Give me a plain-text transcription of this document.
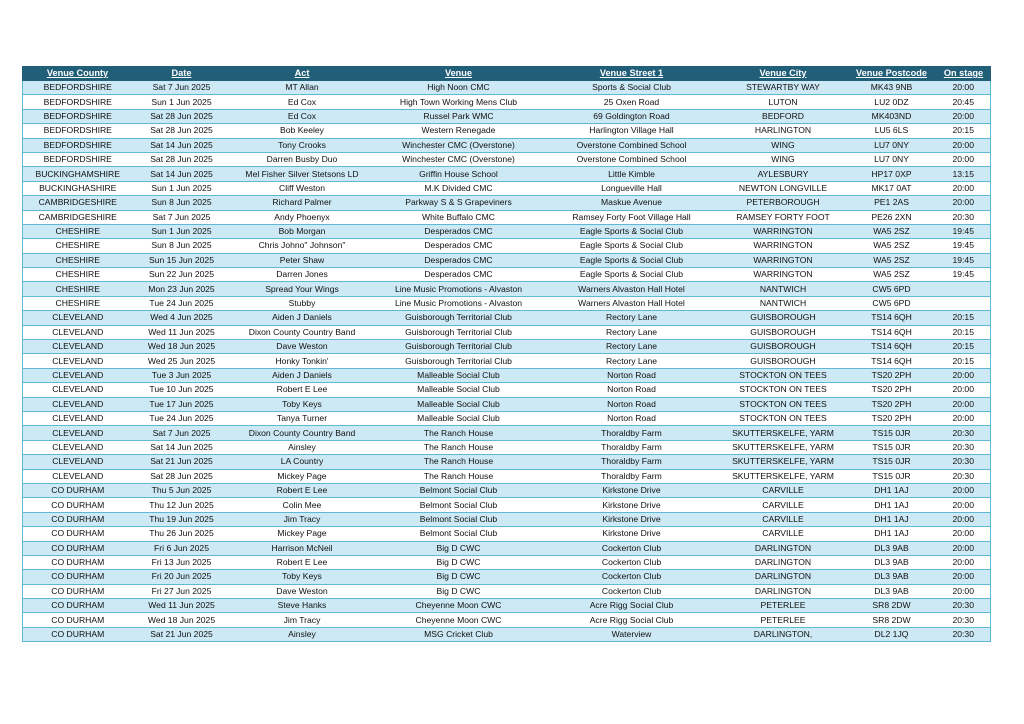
Venue County	Date	Act	Venue	Venue Street 1	Venue City	Venue Postcode	On stage
BEDFORDSHIRE	Sat 7 Jun 2025	MT Allan	High Noon CMC	Sports & Social Club	STEWARTBY WAY	MK43 9NB	20:00
BEDFORDSHIRE	Sun 1 Jun 2025	Ed Cox	High Town Working Mens Club	25 Oxen Road	LUTON	LU2 0DZ	20:45
BEDFORDSHIRE	Sat 28 Jun 2025	Ed Cox	Russel Park WMC	69 Goldington Road	BEDFORD	MK403ND	20:00
BEDFORDSHIRE	Sat 28 Jun 2025	Bob Keeley	Western Renegade	Harlington Village Hall	HARLINGTON	LU5 6LS	20:15
BEDFORDSHIRE	Sat 14 Jun 2025	Tony Crooks	Winchester CMC (Overstone)	Overstone Combined School	WING	LU7 0NY	20:00
BEDFORDSHIRE	Sat 28 Jun 2025	Darren Busby Duo	Winchester CMC (Overstone)	Overstone Combined School	WING	LU7 0NY	20:00
BUCKINGHAMSHIRE	Sat 14 Jun 2025	Mel Fisher Silver Stetsons LD	Griffin House School	Little Kimble	AYLESBURY	HP17 0XP	13:15
BUCKINGHASHIRE	Sun 1 Jun 2025	Cliff Weston	M.K Divided CMC	Longueville Hall	NEWTON LONGVILLE	MK17 0AT	20:00
CAMBRIDGESHIRE	Sun 8 Jun 2025	Richard Palmer	Parkway S & S Grapeviners	Maskue Avenue	PETERBOROUGH	PE1 2AS	20:00
CAMBRIDGESHIRE	Sat 7 Jun 2025	Andy Phoenyx	White Buffalo CMC	Ramsey Forty Foot Village Hall	RAMSEY FORTY FOOT	PE26 2XN	20:30
CHESHIRE	Sun 1 Jun 2025	Bob Morgan	Desperados CMC	Eagle Sports & Social Club	WARRINGTON	WA5 2SZ	19:45
CHESHIRE	Sun 8 Jun 2025	Chris Johno" Johnson"	Desperados CMC	Eagle Sports & Social Club	WARRINGTON	WA5 2SZ	19:45
CHESHIRE	Sun 15 Jun 2025	Peter Shaw	Desperados CMC	Eagle Sports & Social Club	WARRINGTON	WA5 2SZ	19:45
CHESHIRE	Sun 22 Jun 2025	Darren Jones	Desperados CMC	Eagle Sports & Social Club	WARRINGTON	WA5 2SZ	19:45
CHESHIRE	Mon 23 Jun 2025	Spread Your Wings	Line Music Promotions - Alvaston	Warners Alvaston Hall Hotel	NANTWICH	CW5 6PD	
CHESHIRE	Tue 24 Jun 2025	Stubby	Line Music Promotions - Alvaston	Warners Alvaston Hall Hotel	NANTWICH	CW5 6PD	
CLEVELAND	Wed 4 Jun 2025	Aiden J Daniels	Guisborough Territorial Club	Rectory Lane	GUISBOROUGH	TS14 6QH	20:15
CLEVELAND	Wed 11 Jun 2025	Dixon County Country Band	Guisborough Territorial Club	Rectory Lane	GUISBOROUGH	TS14 6QH	20:15
CLEVELAND	Wed 18 Jun 2025	Dave Weston	Guisborough Territorial Club	Rectory Lane	GUISBOROUGH	TS14 6QH	20:15
CLEVELAND	Wed 25 Jun 2025	Honky Tonkin'	Guisborough Territorial Club	Rectory Lane	GUISBOROUGH	TS14 6QH	20:15
CLEVELAND	Tue 3 Jun 2025	Aiden J Daniels	Malleable Social Club	Norton Road	STOCKTON ON TEES	TS20 2PH	20:00
CLEVELAND	Tue 10 Jun 2025	Robert E Lee	Malleable Social Club	Norton Road	STOCKTON ON TEES	TS20 2PH	20:00
CLEVELAND	Tue 17 Jun 2025	Toby Keys	Malleable Social Club	Norton Road	STOCKTON ON TEES	TS20 2PH	20:00
CLEVELAND	Tue 24 Jun 2025	Tanya Turner	Malleable Social Club	Norton Road	STOCKTON ON TEES	TS20 2PH	20:00
CLEVELAND	Sat 7 Jun 2025	Dixon County Country Band	The Ranch House	Thoraldby Farm	SKUTTERSKELFE, YARM	TS15 0JR	20:30
CLEVELAND	Sat 14 Jun 2025	Ainsley	The Ranch House	Thoraldby Farm	SKUTTERSKELFE, YARM	TS15 0JR	20:30
CLEVELAND	Sat 21 Jun 2025	LA Country	The Ranch House	Thoraldby Farm	SKUTTERSKELFE, YARM	TS15 0JR	20:30
CLEVELAND	Sat 28 Jun 2025	Mickey Page	The Ranch House	Thoraldby Farm	SKUTTERSKELFE, YARM	TS15 0JR	20:30
CO DURHAM	Thu 5 Jun 2025	Robert E Lee	Belmont Social Club	Kirkstone Drive	CARVILLE	DH1 1AJ	20:00
CO DURHAM	Thu 12 Jun 2025	Colin Mee	Belmont Social Club	Kirkstone Drive	CARVILLE	DH1 1AJ	20:00
CO DURHAM	Thu 19 Jun 2025	Jim Tracy	Belmont Social Club	Kirkstone Drive	CARVILLE	DH1 1AJ	20:00
CO DURHAM	Thu 26 Jun 2025	Mickey Page	Belmont Social Club	Kirkstone Drive	CARVILLE	DH1 1AJ	20:00
CO DURHAM	Fri 6 Jun 2025	Harrison McNeil	Big D CWC	Cockerton Club	DARLINGTON	DL3 9AB	20:00
CO DURHAM	Fri 13 Jun 2025	Robert E Lee	Big D CWC	Cockerton Club	DARLINGTON	DL3 9AB	20:00
CO DURHAM	Fri 20 Jun 2025	Toby Keys	Big D CWC	Cockerton Club	DARLINGTON	DL3 9AB	20:00
CO DURHAM	Fri 27 Jun 2025	Dave Weston	Big D CWC	Cockerton Club	DARLINGTON	DL3 9AB	20:00
CO DURHAM	Wed 11 Jun 2025	Steve Hanks	Cheyenne Moon CWC	Acre Rigg Social Club	PETERLEE	SR8 2DW	20:30
CO DURHAM	Wed 18 Jun 2025	Jim Tracy	Cheyenne Moon CWC	Acre Rigg Social Club	PETERLEE	SR8 2DW	20:30
CO DURHAM	Sat 21 Jun 2025	Ainsley	MSG Cricket Club	Waterview	DARLINGTON,	DL2 1JQ	20:30
